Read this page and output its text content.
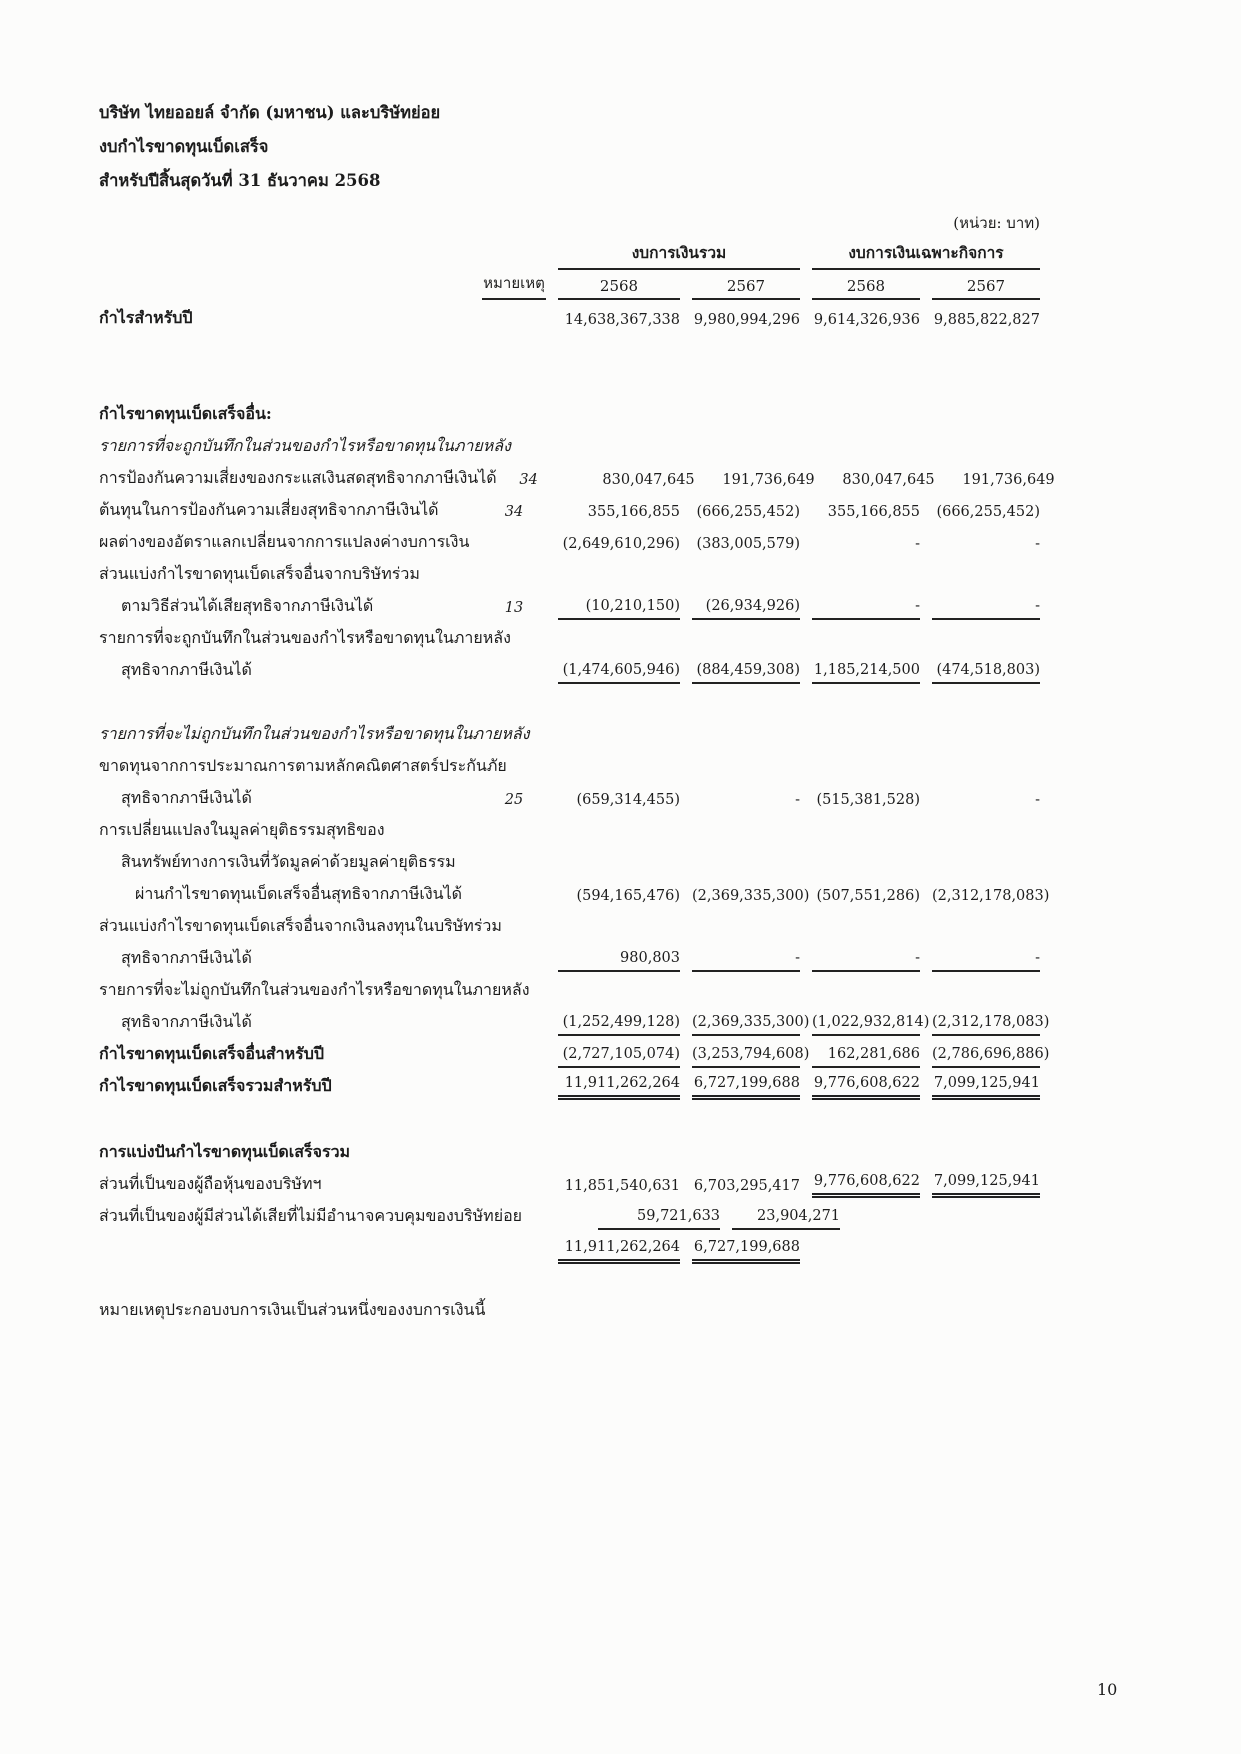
บริษัท ไทยออยล์ จำกัด (มหาชน) และบริษัทย่อย
งบกำไรขาดทุนเบ็ดเสร็จ
สำหรับปีสิ้นสุดวันที่ 31 ธันวาคม 2568
(หน่วย: บาท)
งบการเงินรวม	งบการเงินเฉพาะกิจการ
หมายเหตุ	2568	2567	2568	2567
กำไรสำหรับปี	14,638,367,338 9,980,994,296 9,614,326,936 9,885,822,827
กำไรขาดทุนเบ็ดเสร็จอื่น:
รายการที่จะถูกบันทึกในส่วนของกำไรหรือขาดทุนในภายหลัง
การป้องกันความเสี่ยงของกระแสเงินสดสุทธิจากภาษีเงินได้	34	830,047,645	191,736,649	830,047,645	191,736,649
ต้นทุนในการป้องกันความเสี่ยงสุทธิจากภาษีเงินได้	34	355,166,855	(666,255,452)	355,166,855	(666,255,452)
ผลต่างของอัตราแลกเปลี่ยนจากการแปลงค่างบการเงิน	(2,649,610,296)	(383,005,579)	-	-
ส่วนแบ่งกำไรขาดทุนเบ็ดเสร็จอื่นจากบริษัทร่วม
ตามวิธีส่วนได้เสียสุทธิจากภาษีเงินได้	13	(10,210,150)	(26,934,926)	-	-
รายการที่จะถูกบันทึกในส่วนของกำไรหรือขาดทุนในภายหลัง
สุทธิจากภาษีเงินได้	(1,474,605,946)	(884,459,308) 1,185,214,500	(474,518,803)
รายการที่จะไม่ถูกบันทึกในส่วนของกำไรหรือขาดทุนในภายหลัง
ขาดทุนจากการประมาณการตามหลักคณิตศาสตร์ประกันภัย
สุทธิจากภาษีเงินได้	25	(659,314,455)	-	(515,381,528)	-
การเปลี่ยนแปลงในมูลค่ายุติธรรมสุทธิของ
สินทรัพย์ทางการเงินที่วัดมูลค่าด้วยมูลค่ายุติธรรม
ผ่านกำไรขาดทุนเบ็ดเสร็จอื่นสุทธิจากภาษีเงินได้	(594,165,476) (2,369,335,300) (507,551,286) (2,312,178,083)
ส่วนแบ่งกำไรขาดทุนเบ็ดเสร็จอื่นจากเงินลงทุนในบริษัทร่วม
สุทธิจากภาษีเงินได้	980,803	-	-	-
รายการที่จะไม่ถูกบันทึกในส่วนของกำไรหรือขาดทุนในภายหลัง
สุทธิจากภาษีเงินได้	(1,252,499,128) (2,369,335,300) (1,022,932,814) (2,312,178,083)
กำไรขาดทุนเบ็ดเสร็จอื่นสำหรับปี	(2,727,105,074) (3,253,794,608)	162,281,686 (2,786,696,886)
กำไรขาดทุนเบ็ดเสร็จรวมสำหรับปี	11,911,262,264 6,727,199,688 9,776,608,622 7,099,125,941
การแบ่งปันกำไรขาดทุนเบ็ดเสร็จรวม
ส่วนที่เป็นของผู้ถือหุ้นของบริษัทฯ	11,851,540,631 6,703,295,417 9,776,608,622 7,099,125,941
ส่วนที่เป็นของผู้มีส่วนได้เสียที่ไม่มีอำนาจควบคุมของบริษัทย่อย	59,721,633	23,904,271
11,911,262,264 6,727,199,688
หมายเหตุประกอบงบการเงินเป็นส่วนหนึ่งของงบการเงินนี้
10
